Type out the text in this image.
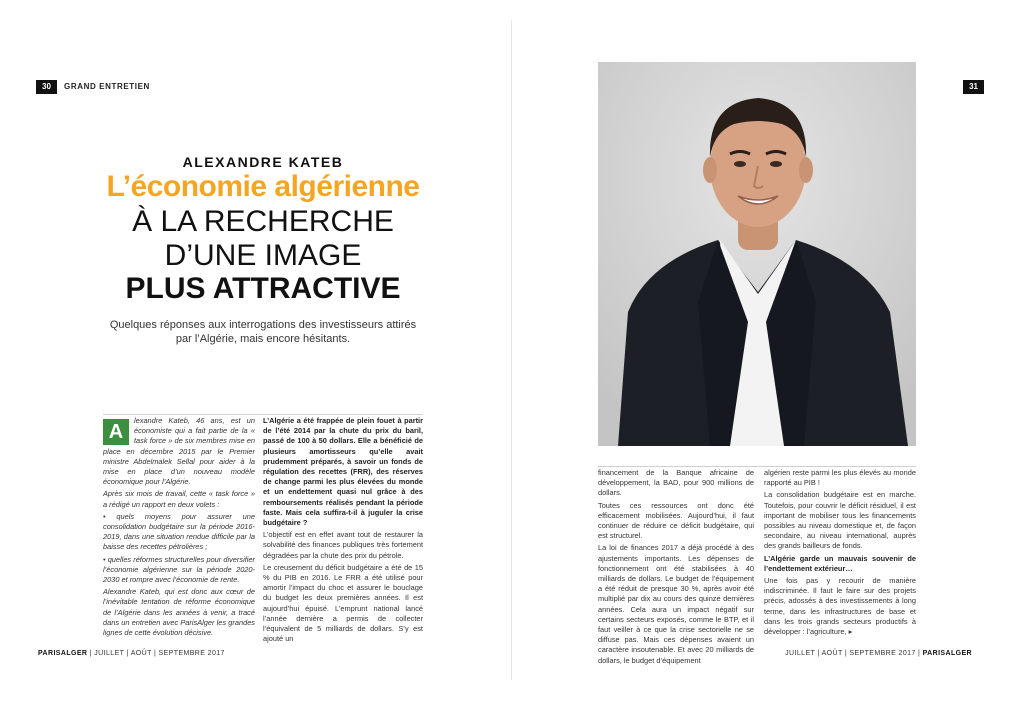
30	GRAND ENTRETIEN
ALEXANDRE KATEB
L’économie algérienne
À LA RECHERCHE
D’UNE IMAGE
PLUS ATTRACTIVE
Quelques réponses aux interrogations des investisseurs attirés par l’Algérie, mais encore hésitants.

A
lexandre Kateb, 46 ans, est un économiste qui a fait partie de la « task force » de six membres mise en place en décembre 2015 par le Premier ministre Abdelmalek Sellal pour aider à la mise en place d’un nouveau modèle économique pour l’Algérie.

Après six mois de travail, cette « task force » a rédigé un rapport en deux volets :

• quels moyens pour assurer une consolidation budgétaire sur la période 2016-2019, dans une situation rendue difficile par la baisse des recettes pétrolières ;

• quelles réformes structurelles pour diversifier l’économie algérienne sur la période 2020-2030 et rompre avec l’économie de rente.

Alexandre Kateb, qui est donc aux cœur de l’inévitable tentation de réforme économique de l’Algérie dans les années à venir, a tracé dans un entretien avec ParisAlger les grandes lignes de cette évolution décisive.

L’Algérie a été frappée de plein fouet à partir de l’été 2014 par la chute du prix du baril, passé de 100 à 50 dollars. Elle a bénéficié de plusieurs amortisseurs qu’elle avait prudemment préparés, à savoir un fonds de régulation des recettes (FRR), des réserves de change parmi les plus élevées du monde et un endettement quasi nul grâce à des remboursements réalisés pendant la période faste. Mais cela suffira-t-il à juguler la crise budgétaire ?

L’objectif est en effet avant tout de restaurer la solvabilité des finances publiques très fortement dégradées par la chute des prix du pétrole.

Le creusement du déficit budgétaire a été de 15 % du PIB en 2016. Le FRR a été utilisé pour amortir l’impact du choc et assurer le bouclage du budget les deux premières années. Il est aujourd’hui épuisé. L’emprunt national lancé l’année dernière a permis de collecter l’équivalent de 5 milliards de dollars. S’y est ajouté un

PARISALGER | JUILLET | AOÛT | SEPTEMBRE 2017
31

financement de la Banque africaine de développement, la BAD, pour 900 millions de dollars.

Toutes ces ressources ont donc été efficacement mobilisées. Aujourd’hui, il faut continuer de réduire ce déficit budgétaire, qui est structurel.

La loi de finances 2017 a déjà procédé à des ajustements importants. Les dépenses de fonctionnement ont été stabilisées à 40 milliards de dollars. Le budget de l’équipement a été réduit de presque 30 %, après avoir été multiplié par dix au cours des quinze dernières années. Cela aura un impact négatif sur certains secteurs exposés, comme le BTP, et il faut veiller à ce que la crise sectorielle ne se diffuse pas. Mais ces dépenses avaient un caractère insoutenable. Et avec 20 milliards de dollars, le budget d’équipement

algérien reste parmi les plus élevés au monde rapporté au PIB !

La consolidation budgétaire est en marche. Toutefois, pour couvrir le déficit résiduel, il est important de mobiliser tous les financements possibles au niveau domestique et, de façon secondaire, au niveau international, auprès des grands bailleurs de fonds.

L’Algérie garde un mauvais souvenir de l’endettement extérieur…

Une fois pas y recourir de manière indiscriminée. Il faut le faire sur des projets précis, adossés à des investissements à long terme, dans les infrastructures de base et dans les trois grands secteurs productifs à développer : l’agriculture, ▸

JUILLET | AOÛT | SEPTEMBRE 2017 | PARISALGER
